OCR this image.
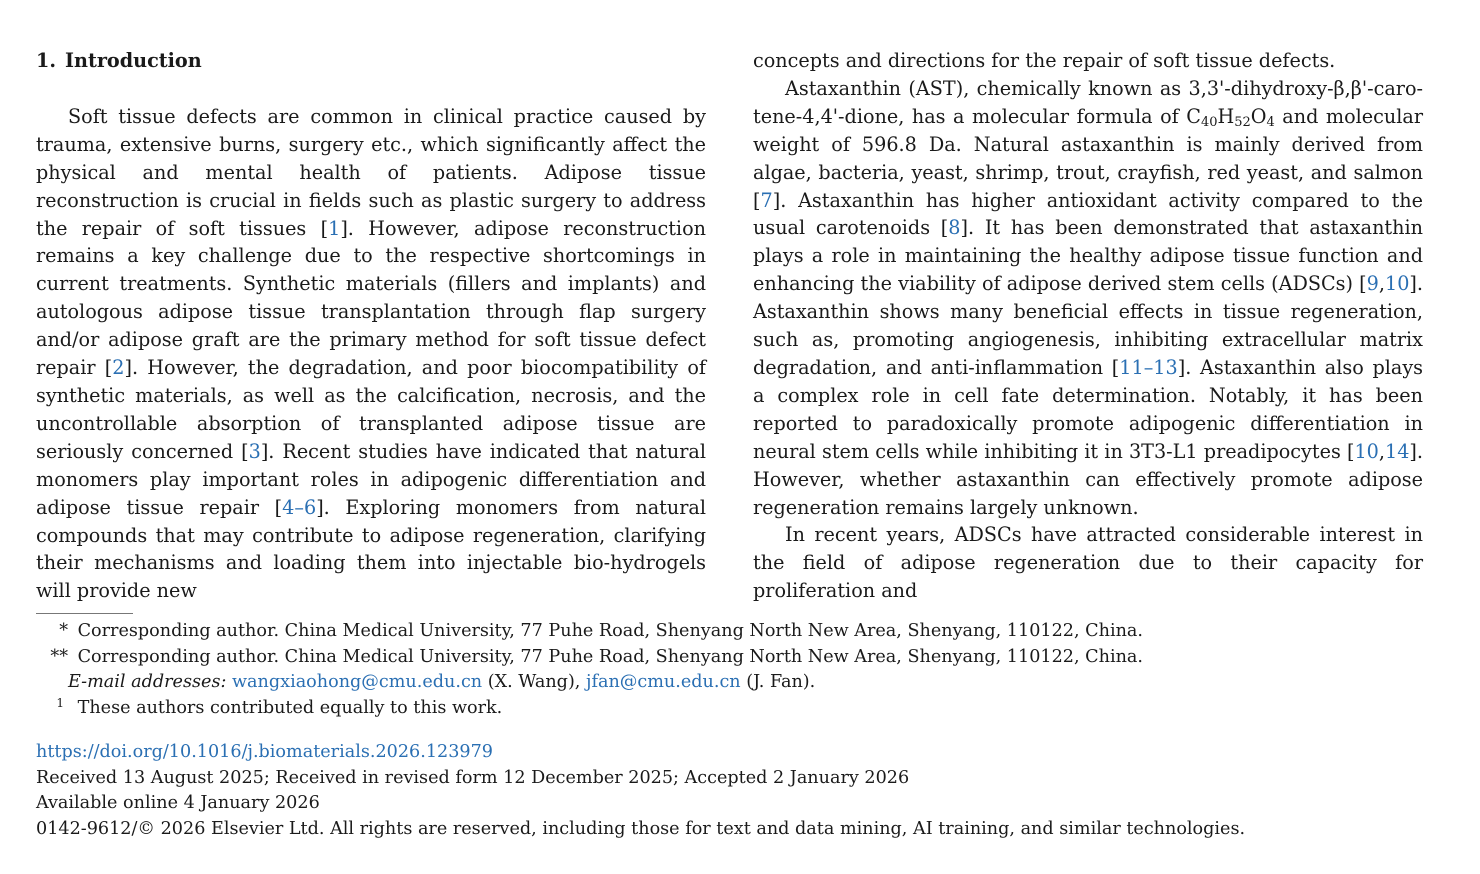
1. Introduction

Soft tissue defects are common in clinical practice caused by trauma, extensive burns, surgery etc., which significantly affect the physical and mental health of patients. Adipose tissue reconstruction is crucial in fields such as plastic surgery to address the repair of soft tissues [1]. However, adipose reconstruction remains a key challenge due to the respective shortcomings in current treatments. Synthetic materials (fillers and implants) and autologous adipose tissue transplantation through flap surgery and/or adipose graft are the primary method for soft tissue defect repair [2]. However, the degradation, and poor biocompatibility of synthetic materials, as well as the calcification, necrosis, and the uncontrollable absorption of transplanted adipose tissue are seriously concerned [3]. Recent studies have indicated that natural monomers play important roles in adipogenic differentiation and adipose tissue repair [4–6]. Exploring monomers from natural compounds that may contribute to adipose regeneration, clarifying their mechanisms and loading them into injectable bio-hydrogels will provide new

concepts and directions for the repair of soft tissue defects.

Astaxanthin (AST), chemically known as 3,3'-dihydroxy-β,β'-carotene-4,4'-dione, has a molecular formula of $C_{40}H_{52}O_4$ and molecular weight of 596.8 Da. Natural astaxanthin is mainly derived from algae, bacteria, yeast, shrimp, trout, crayfish, red yeast, and salmon [7]. Astaxanthin has higher antioxidant activity compared to the usual carotenoids [8]. It has been demonstrated that astaxanthin plays a role in maintaining the healthy adipose tissue function and enhancing the viability of adipose derived stem cells (ADSCs) [9,10]. Astaxanthin shows many beneficial effects in tissue regeneration, such as, promoting angiogenesis, inhibiting extracellular matrix degradation, and anti-inflammation [11–13]. Astaxanthin also plays a complex role in cell fate determination. Notably, it has been reported to paradoxically promote adipogenic differentiation in neural stem cells while inhibiting it in 3T3-L1 preadipocytes [10,14]. However, whether astaxanthin can effectively promote adipose regeneration remains largely unknown.

In recent years, ADSCs have attracted considerable interest in the field of adipose regeneration due to their capacity for proliferation and

* Corresponding author. China Medical University, 77 Puhe Road, Shenyang North New Area, Shenyang, 110122, China.
** Corresponding author. China Medical University, 77 Puhe Road, Shenyang North New Area, Shenyang, 110122, China.
E-mail addresses: wangxiaohong@cmu.edu.cn (X. Wang), jfan@cmu.edu.cn (J. Fan).
1 These authors contributed equally to this work.
https://doi.org/10.1016/j.biomaterials.2026.123979
Received 13 August 2025; Received in revised form 12 December 2025; Accepted 2 January 2026
Available online 4 January 2026
0142-9612/© 2026 Elsevier Ltd. All rights are reserved, including those for text and data mining, AI training, and similar technologies.
